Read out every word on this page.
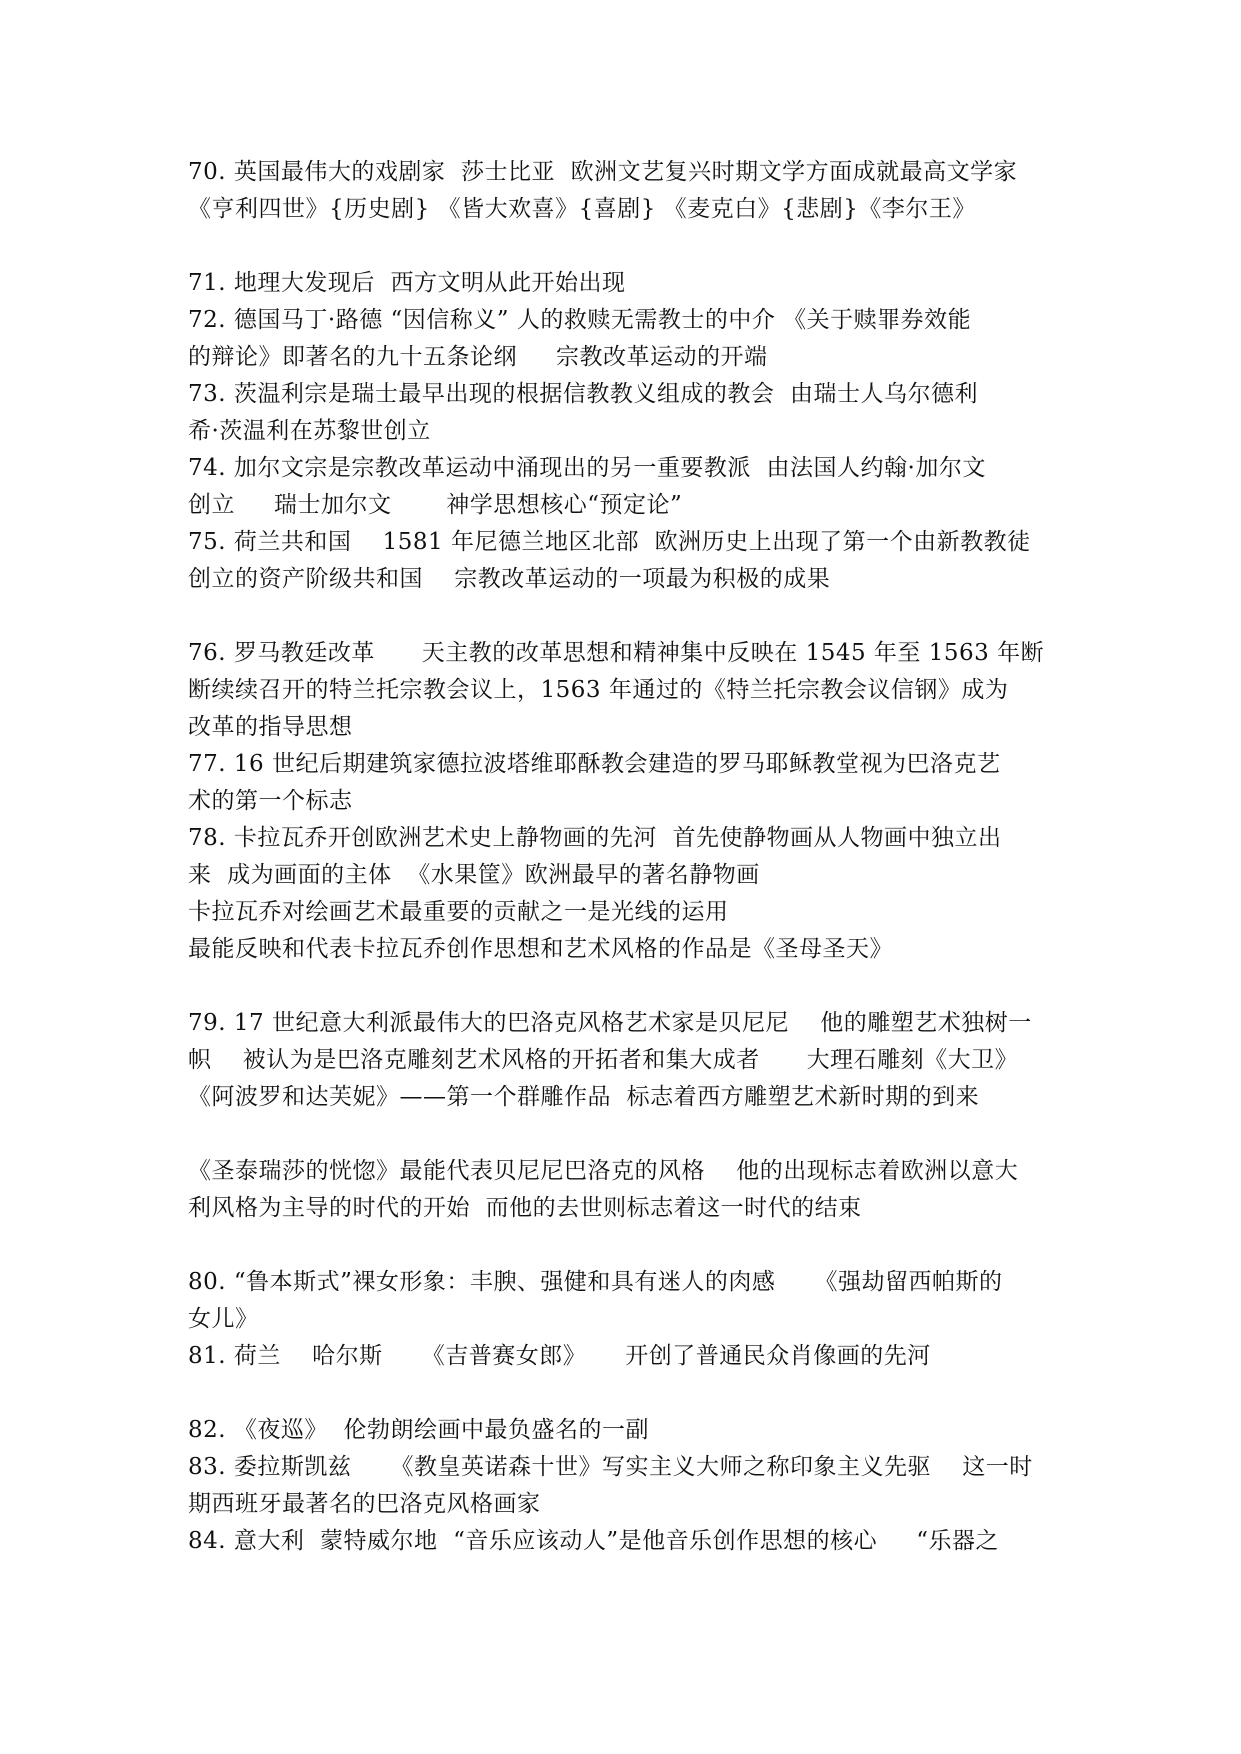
70. 英国最伟大的戏剧家  莎士比亚  欧洲文艺复兴时期文学方面成就最高文学家
《亨利四世》{历史剧} 《皆大欢喜》{喜剧} 《麦克白》{悲剧}《李尔王》
71. 地理大发现后  西方文明从此开始出现
72. 德国马丁·路德 “因信称义” 人的救赎无需教士的中介 《关于赎罪券效能
的辩论》即著名的九十五条论纲     宗教改革运动的开端
73. 茨温利宗是瑞士最早出现的根据信教教义组成的教会  由瑞士人乌尔德利
希·茨温利在苏黎世创立
74. 加尔文宗是宗教改革运动中涌现出的另一重要教派  由法国人约翰·加尔文
创立     瑞士加尔文       神学思想核心“预定论”
75. 荷兰共和国    1581 年尼德兰地区北部  欧洲历史上出现了第一个由新教教徒
创立的资产阶级共和国    宗教改革运动的一项最为积极的成果
76. 罗马教廷改革      天主教的改革思想和精神集中反映在 1545 年至 1563 年断
断续续召开的特兰托宗教会议上，1563 年通过的《特兰托宗教会议信钢》成为
改革的指导思想
77. 16 世纪后期建筑家德拉波塔维耶酥教会建造的罗马耶稣教堂视为巴洛克艺
术的第一个标志
78. 卡拉瓦乔开创欧洲艺术史上静物画的先河  首先使静物画从人物画中独立出
来  成为画面的主体  《水果筐》欧洲最早的著名静物画
卡拉瓦乔对绘画艺术最重要的贡献之一是光线的运用
最能反映和代表卡拉瓦乔创作思想和艺术风格的作品是《圣母圣天》
79. 17 世纪意大利派最伟大的巴洛克风格艺术家是贝尼尼    他的雕塑艺术独树一
帜    被认为是巴洛克雕刻艺术风格的开拓者和集大成者      大理石雕刻《大卫》
《阿波罗和达芙妮》——第一个群雕作品  标志着西方雕塑艺术新时期的到来
《圣泰瑞莎的恍惚》最能代表贝尼尼巴洛克的风格    他的出现标志着欧洲以意大
利风格为主导的时代的开始  而他的去世则标志着这一时代的结束
80. “鲁本斯式”裸女形象：丰腴、强健和具有迷人的肉感     《强劫留西帕斯的
女儿》
81. 荷兰    哈尔斯     《吉普赛女郎》     开创了普通民众肖像画的先河
82. 《夜巡》  伦勃朗绘画中最负盛名的一副
83. 委拉斯凯兹     《教皇英诺森十世》写实主义大师之称印象主义先驱    这一时
期西班牙最著名的巴洛克风格画家
84. 意大利  蒙特威尔地  “音乐应该动人”是他音乐创作思想的核心     “乐器之
